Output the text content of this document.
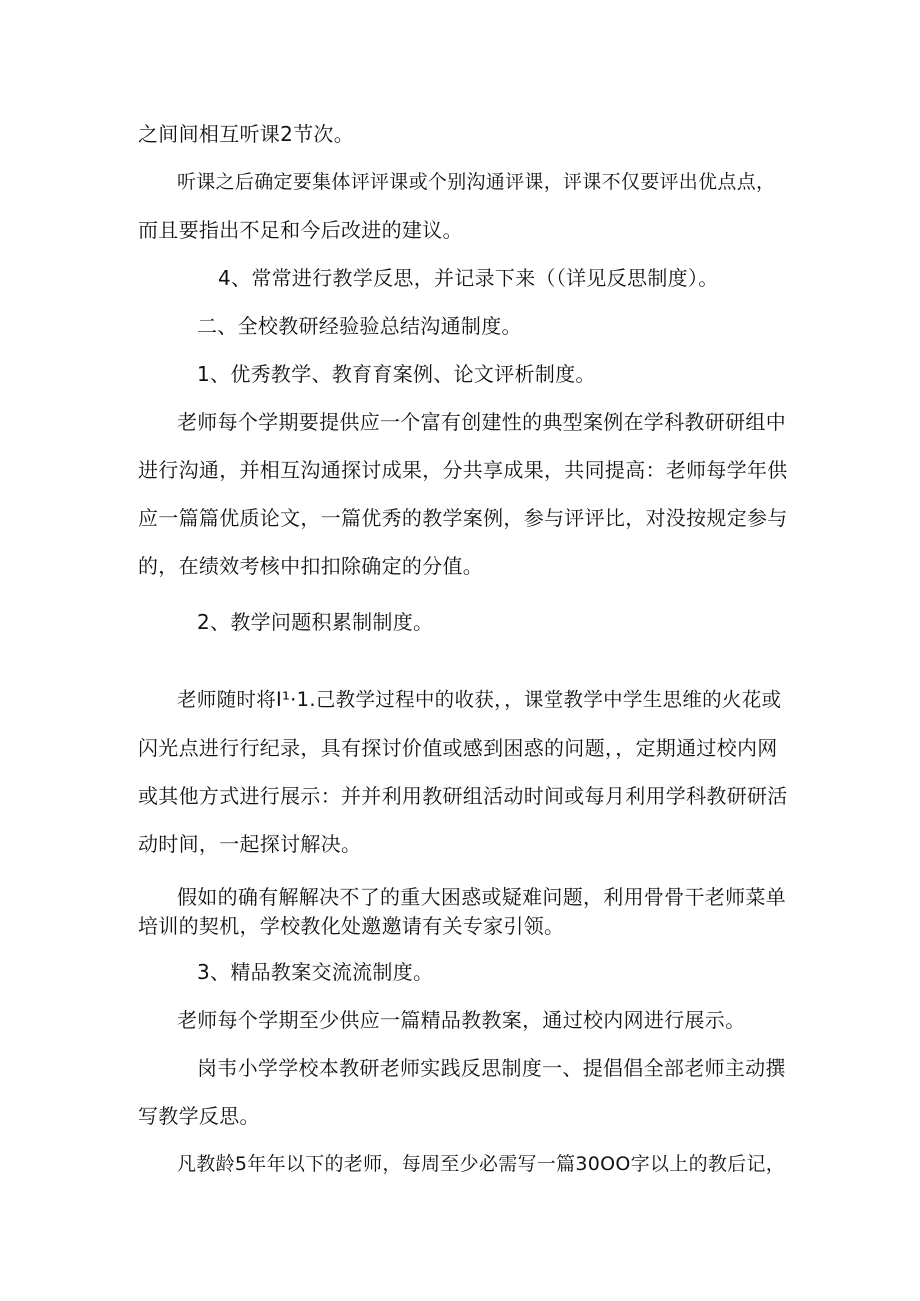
之间间相互听课2节次。
听课之后确定要集体评评课或个别沟通评课，评课不仅要评出优点点，
而且要指出不足和今后改进的建议。
4、常常进行教学反思，并记录下来（（详见反思制度）。
二、全校教研经验验总结沟通制度。
1、优秀教学、教育育案例、论文评析制度。
老师每个学期要提供应一个富有创建性的典型案例在学科教研研组中
进行沟通，并相互沟通探讨成果，分共享成果，共同提高：老师每学年供
应一篇篇优质论文，一篇优秀的教学案例，参与评评比，对没按规定参与
的，在绩效考核中扣扣除确定的分值。
2、教学问题积累制制度。
老师随时将I¹·1.己教学过程中的收获，，课堂教学中学生思维的火花或
闪光点进行行纪录，具有探讨价值或感到困惑的问题，，定期通过校内网
或其他方式进行展示：并并利用教研组活动时间或每月利用学科教研研活
动时间，一起探讨解决。
假如的确有解解决不了的重大困惑或疑难问题，利用骨骨干老师菜单
培训的契机，学校教化处邀邀请有关专家引领。
3、精品教案交流流制度。
老师每个学期至少供应一篇精品教教案，通过校内网进行展示。
岗韦小学学校本教研老师实践反思制度一、提倡倡全部老师主动撰
写教学反思。
凡教龄5年年以下的老师，每周至少必需写一篇30OO字以上的教后记，
